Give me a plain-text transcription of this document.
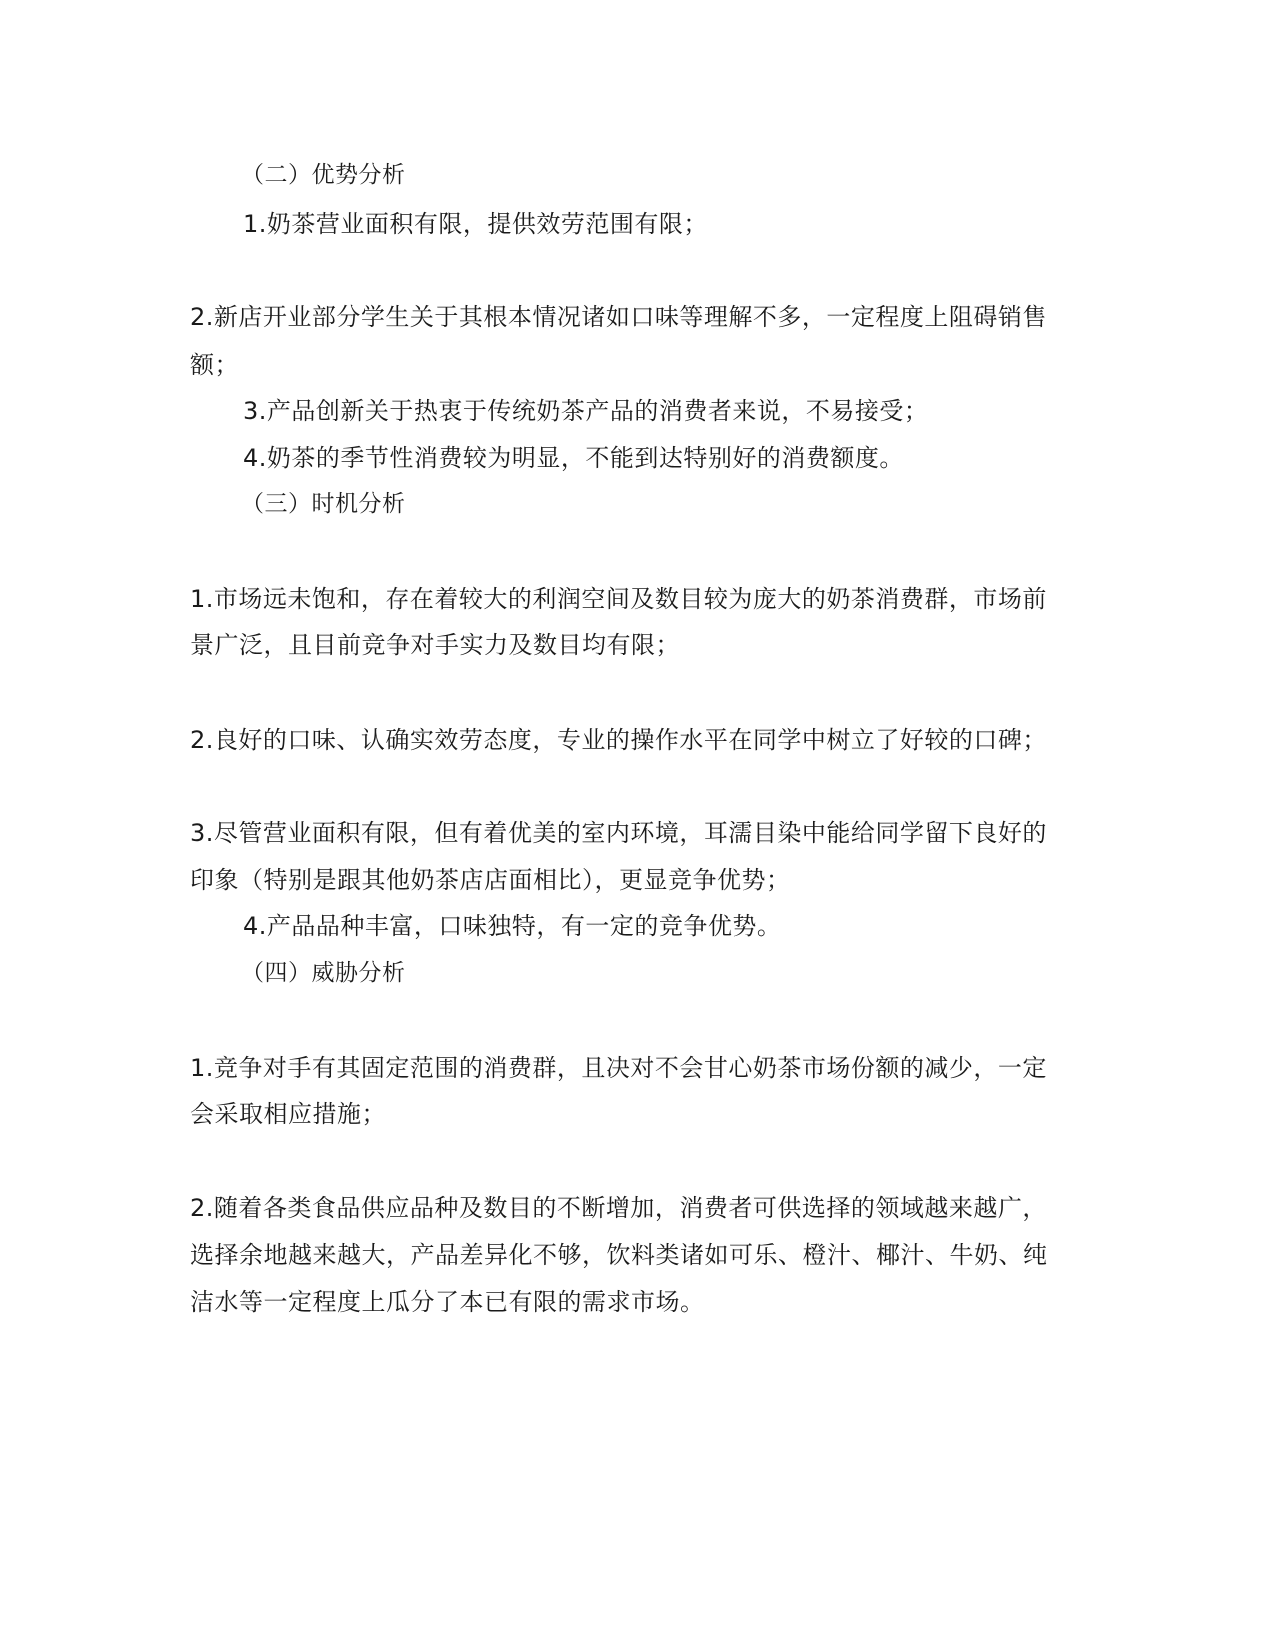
（二）优势分析
1.奶茶营业面积有限，提供效劳范围有限；
2.新店开业部分学生关于其根本情况诸如口味等理解不多，一定程度上阻碍销售
额；
3.产品创新关于热衷于传统奶茶产品的消费者来说，不易接受；
4.奶茶的季节性消费较为明显，不能到达特别好的消费额度。
（三）时机分析
1.市场远未饱和，存在着较大的利润空间及数目较为庞大的奶茶消费群，市场前
景广泛，且目前竞争对手实力及数目均有限；
2.良好的口味、认确实效劳态度，专业的操作水平在同学中树立了好较的口碑；
3.尽管营业面积有限，但有着优美的室内环境，耳濡目染中能给同学留下良好的
印象（特别是跟其他奶茶店店面相比），更显竞争优势；
4.产品品种丰富，口味独特，有一定的竞争优势。
（四）威胁分析
1.竞争对手有其固定范围的消费群，且决对不会甘心奶茶市场份额的减少，一定
会采取相应措施；
2.随着各类食品供应品种及数目的不断增加，消费者可供选择的领域越来越广，
选择余地越来越大，产品差异化不够，饮料类诸如可乐、橙汁、椰汁、牛奶、纯
洁水等一定程度上瓜分了本已有限的需求市场。
